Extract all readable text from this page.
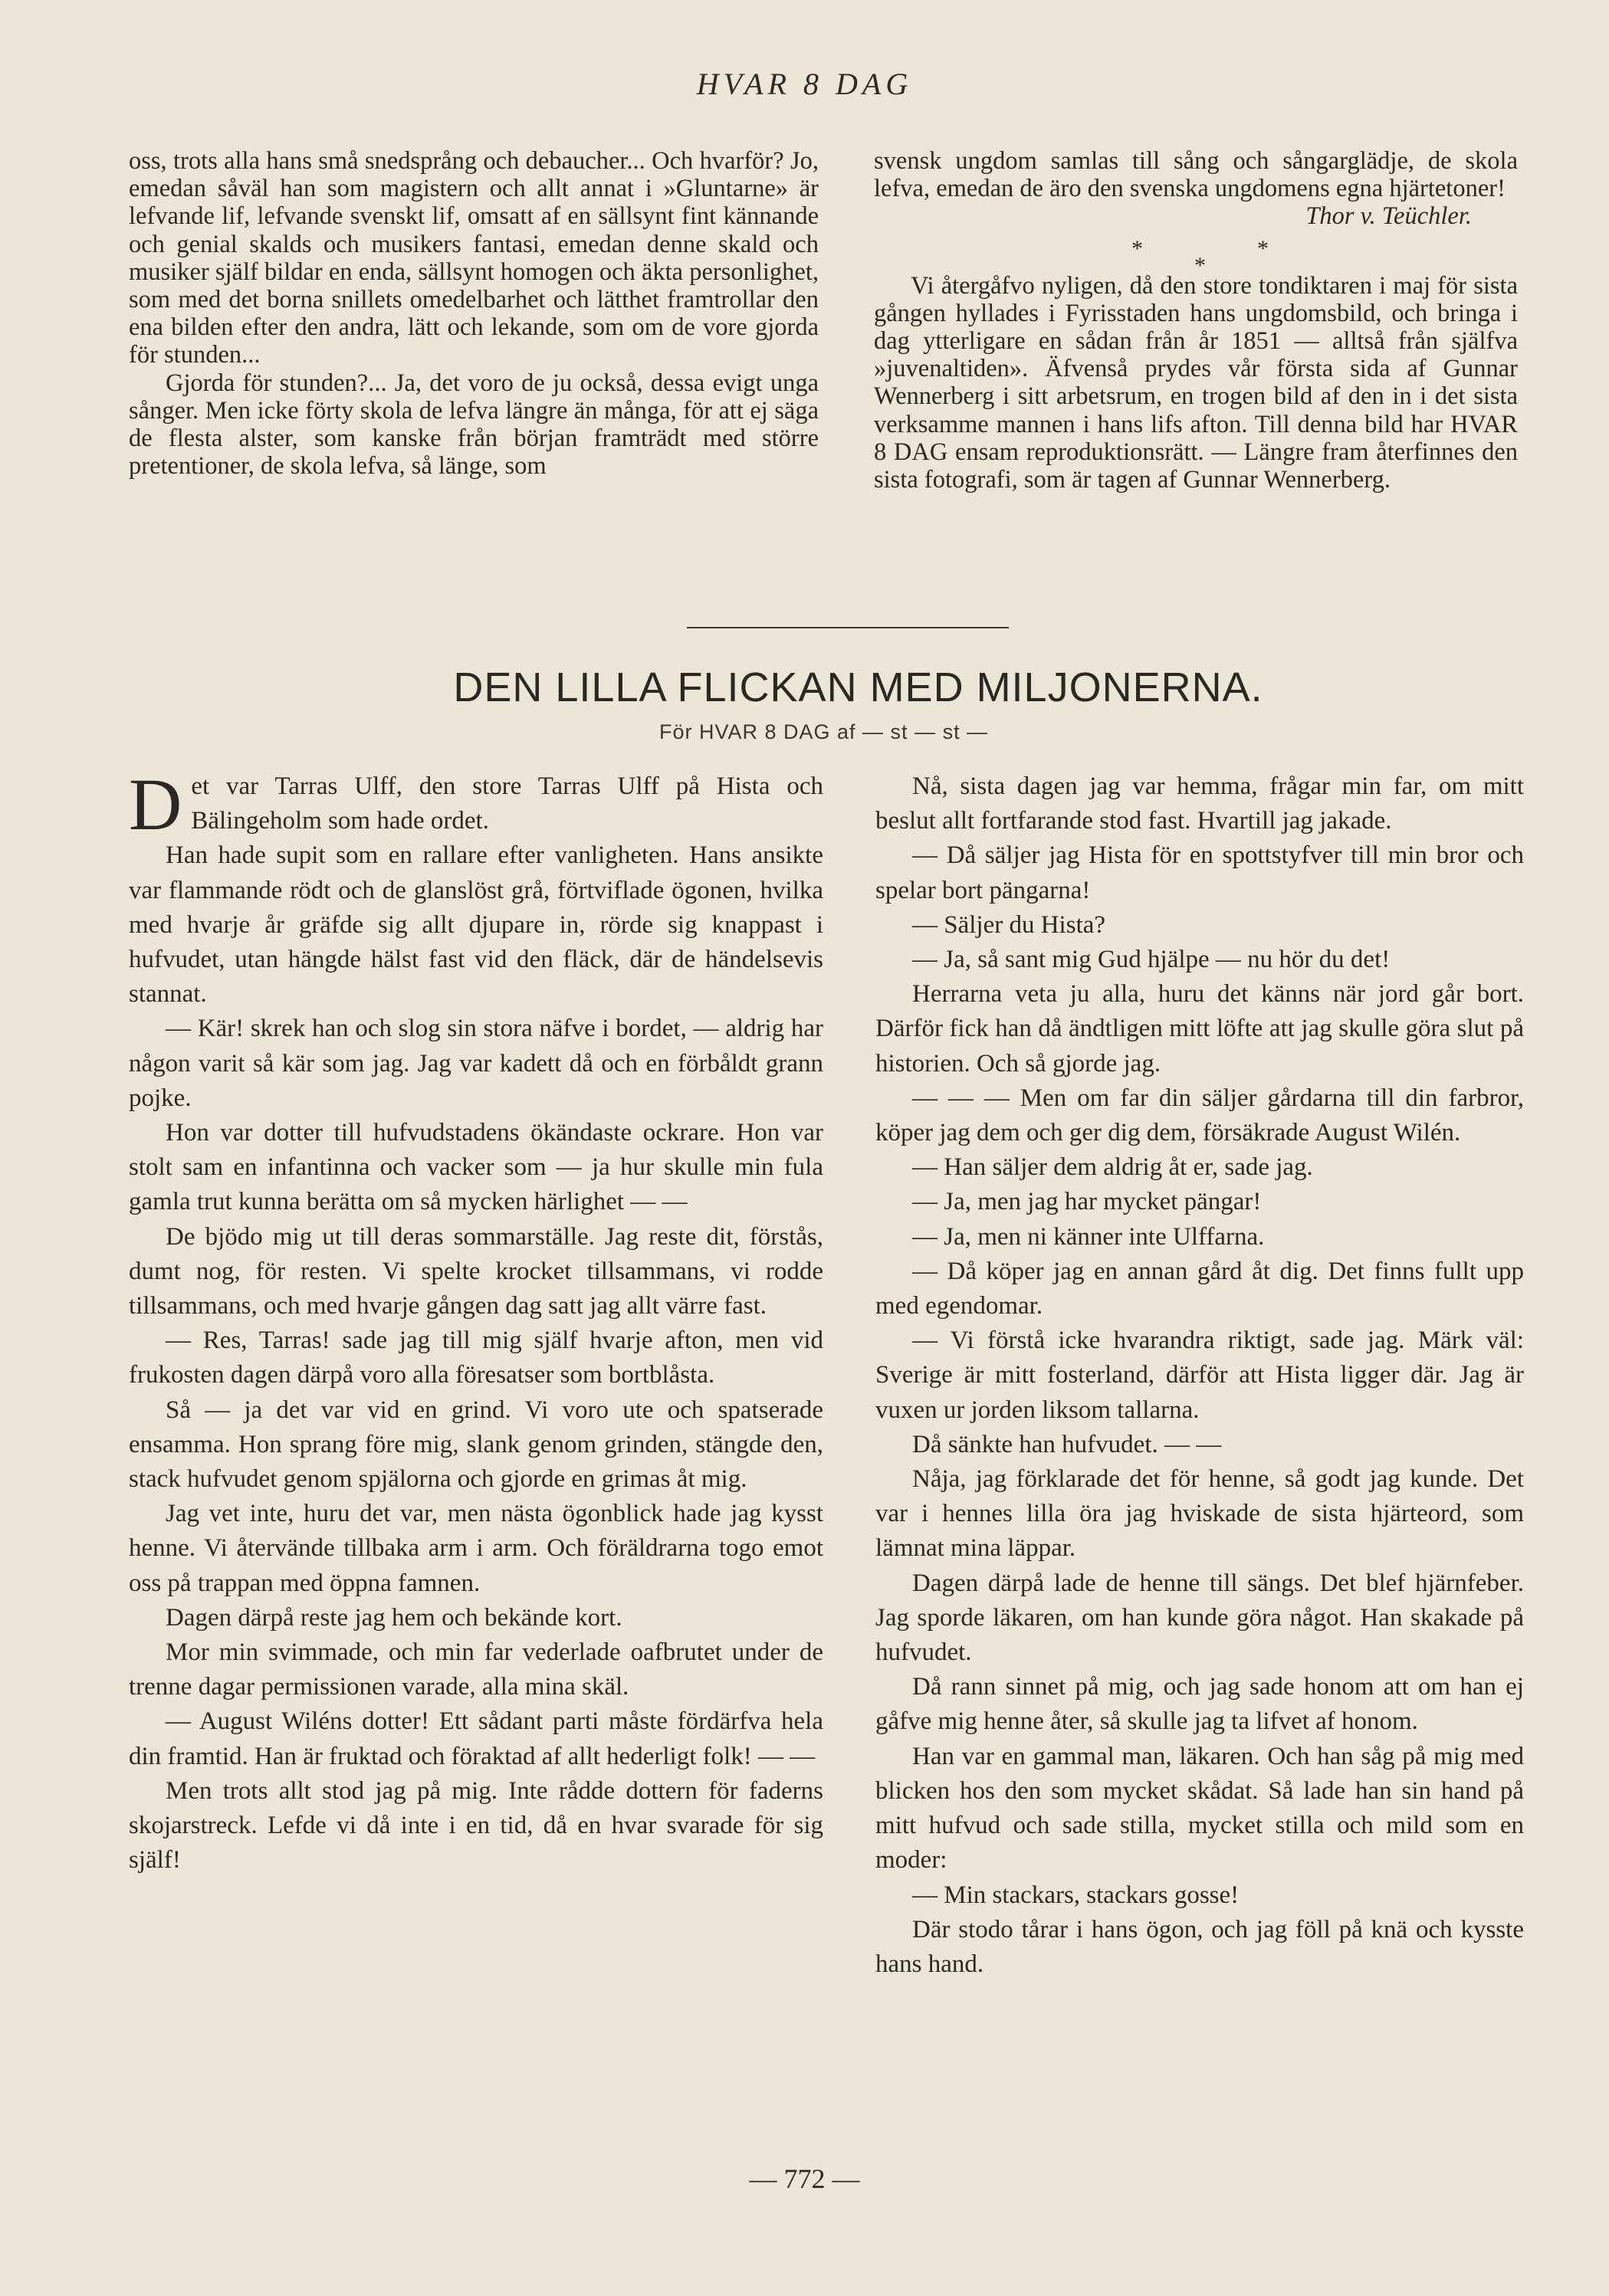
HVAR 8 DAG

oss, trots alla hans små snedsprång och debaucher... Och hvarför? Jo, emedan såväl han som magistern och allt annat i »Gluntarne» är lefvande lif, lefvande svenskt lif, omsatt af en sällsynt fint kännande och genial skalds och musikers fantasi, emedan denne skald och musiker själf bildar en enda, sällsynt homogen och äkta personlighet, som med det borna snillets omedelbarhet och lätthet framtrollar den ena bilden efter den andra, lätt och lekande, som om de vore gjorda för stunden...

Gjorda för stunden?... Ja, det voro de ju också, dessa evigt unga sånger. Men icke förty skola de lefva längre än många, för att ej säga de flesta alster, som kanske från början framträdt med större pretentioner, de skola lefva, så länge, som

svensk ungdom samlas till sång och sångarglädje, de skola lefva, emedan de äro den svenska ungdomens egna hjärtetoner!

Thor v. Teüchler.

*	*
*

Vi återgåfvo nyligen, då den store tondiktaren i maj för sista gången hyllades i Fyrisstaden hans ungdomsbild, och bringa i dag ytterligare en sådan från år 1851 — alltså från själfva »juvenaltiden». Äfvenså prydes vår första sida af Gunnar Wennerberg i sitt arbetsrum, en trogen bild af den in i det sista verksamme mannen i hans lifs afton. Till denna bild har HVAR 8 DAG ensam reproduktionsrätt. — Längre fram återfinnes den sista fotografi, som är tagen af Gunnar Wennerberg.

DEN LILLA FLICKAN MED MILJONERNA.
För HVAR 8 DAG af — st — st —

Det var Tarras Ulff, den store Tarras Ulff på Hista och Bälingeholm som hade ordet.

Han hade supit som en rallare efter vanligheten. Hans ansikte var flammande rödt och de glanslöst grå, förtviflade ögonen, hvilka med hvarje år gräfde sig allt djupare in, rörde sig knappast i hufvudet, utan hängde hälst fast vid den fläck, där de händelsevis stannat.

— Kär! skrek han och slog sin stora näfve i bordet, — aldrig har någon varit så kär som jag. Jag var kadett då och en förbåldt grann pojke.

Hon var dotter till hufvudstadens ökändaste ockrare. Hon var stolt sam en infantinna och vacker som — ja hur skulle min fula gamla trut kunna berätta om så mycken härlighet — —

De bjödo mig ut till deras sommarställe. Jag reste dit, förstås, dumt nog, för resten. Vi spelte krocket tillsammans, vi rodde tillsammans, och med hvarje gången dag satt jag allt värre fast.

— Res, Tarras! sade jag till mig själf hvarje afton, men vid frukosten dagen därpå voro alla föresatser som bortblåsta.

Så — ja det var vid en grind. Vi voro ute och spatserade ensamma. Hon sprang före mig, slank genom grinden, stängde den, stack hufvudet genom spjälorna och gjorde en grimas åt mig.

Jag vet inte, huru det var, men nästa ögonblick hade jag kysst henne. Vi återvände tillbaka arm i arm. Och föräldrarna togo emot oss på trappan med öppna famnen.

Dagen därpå reste jag hem och bekände kort.

Mor min svimmade, och min far vederlade oafbrutet under de trenne dagar permissionen varade, alla mina skäl.

— August Wiléns dotter! Ett sådant parti måste fördärfva hela din framtid. Han är fruktad och föraktad af allt hederligt folk! — —

Men trots allt stod jag på mig. Inte rådde dottern för faderns skojarstreck. Lefde vi då inte i en tid, då en hvar svarade för sig själf!

Nå, sista dagen jag var hemma, frågar min far, om mitt beslut allt fortfarande stod fast. Hvartill jag jakade.

— Då säljer jag Hista för en spottstyfver till min bror och spelar bort pängarna!

— Säljer du Hista?

— Ja, så sant mig Gud hjälpe — nu hör du det!

Herrarna veta ju alla, huru det känns när jord går bort. Därför fick han då ändtligen mitt löfte att jag skulle göra slut på historien. Och så gjorde jag.

— — — Men om far din säljer gårdarna till din farbror, köper jag dem och ger dig dem, försäkrade August Wilén.

— Han säljer dem aldrig åt er, sade jag.

— Ja, men jag har mycket pängar!

— Ja, men ni känner inte Ulffarna.

— Då köper jag en annan gård åt dig. Det finns fullt upp med egendomar.

— Vi förstå icke hvarandra riktigt, sade jag. Märk väl: Sverige är mitt fosterland, därför att Hista ligger där. Jag är vuxen ur jorden liksom tallarna.

Då sänkte han hufvudet. — —

Nåja, jag förklarade det för henne, så godt jag kunde. Det var i hennes lilla öra jag hviskade de sista hjärteord, som lämnat mina läppar.

Dagen därpå lade de henne till sängs. Det blef hjärnfeber. Jag sporde läkaren, om han kunde göra något. Han skakade på hufvudet.

Då rann sinnet på mig, och jag sade honom att om han ej gåfve mig henne åter, så skulle jag ta lifvet af honom.

Han var en gammal man, läkaren. Och han såg på mig med blicken hos den som mycket skådat. Så lade han sin hand på mitt hufvud och sade stilla, mycket stilla och mild som en moder:

— Min stackars, stackars gosse!

Där stodo tårar i hans ögon, och jag föll på knä och kysste hans hand.

— 772 —
